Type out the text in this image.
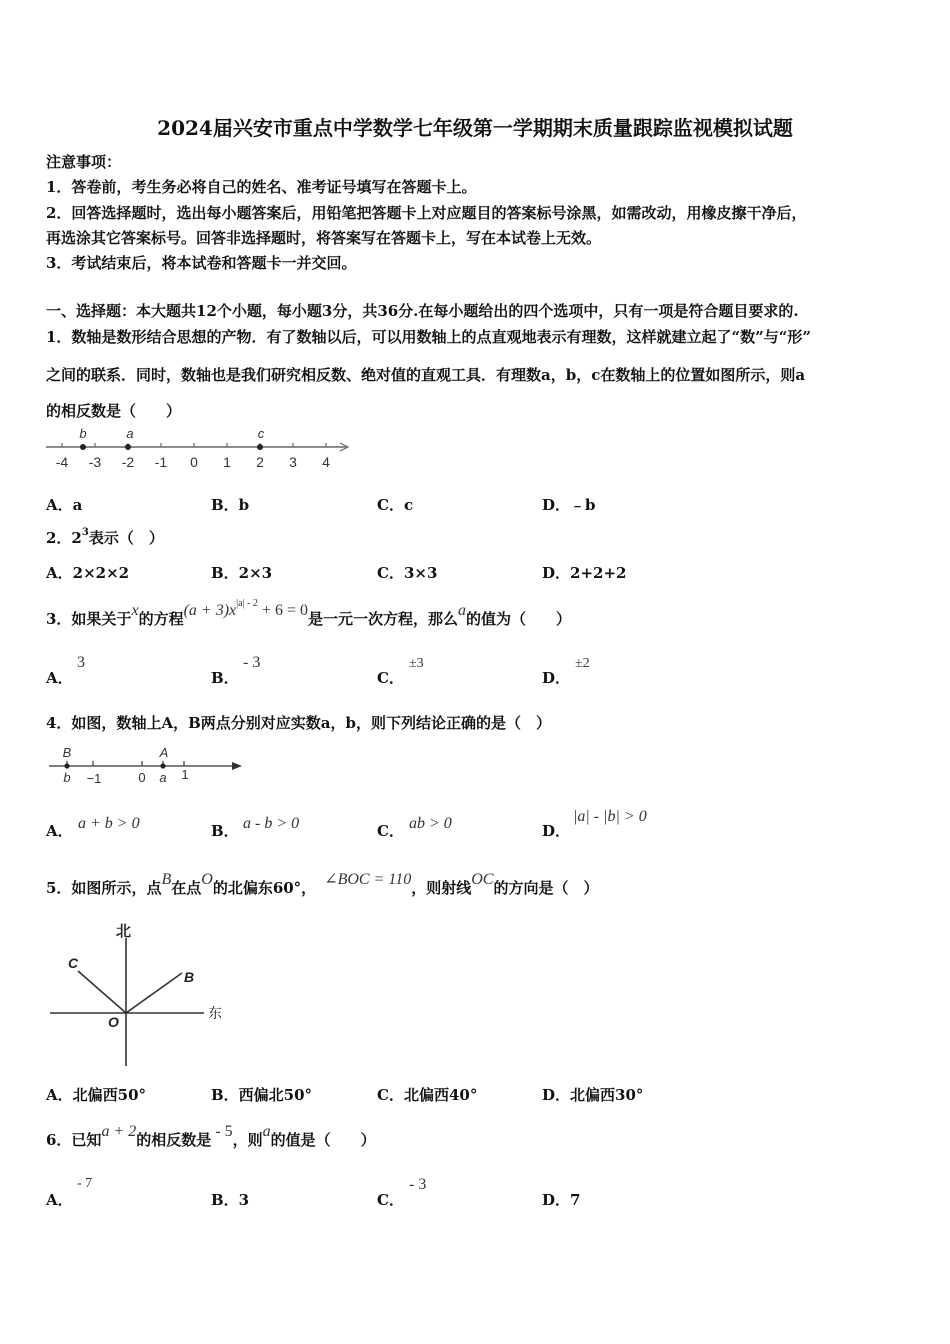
2024届兴安市重点中学数学七年级第一学期期末质量跟踪监视模拟试题
注意事项：
1．答卷前，考生务必将自己的姓名、准考证号填写在答题卡上。
2．回答选择题时，选出每小题答案后，用铅笔把答题卡上对应题目的答案标号涂黑，如需改动，用橡皮擦干净后，
再选涂其它答案标号。回答非选择题时，将答案写在答题卡上，写在本试卷上无效。
3．考试结束后，将本试卷和答题卡一并交回。
一、选择题：本大题共12个小题，每小题3分，共36分.在每小题给出的四个选项中，只有一项是符合题目要求的.
1．数轴是数形结合思想的产物．有了数轴以后，可以用数轴上的点直观地表示有理数，这样就建立起了“数”与“形”
之间的联系．同时，数轴也是我们研究相反数、绝对值的直观工具．有理数a，b，c在数轴上的位置如图所示，则a
的相反数是（　　）
-4 -3 -2 -1 0 1 2 3 4
b	a	c
A．a	B．b	C．c	D．﹣b
2．$2^3$表示（　）
A．2×2×2	B．2×3	C．3×3	D．2+2+2
3．如果关于x的方程$(a + 3)x^{|a| - 2} + 6 = 0$是一元一次方程，那么a的值为（　　）
A．
3
B．
- 3
C．
±3
D．
±2
4．如图，数轴上A，B两点分别对应实数a，b，则下列结论正确的是（　）
B	A
b −1	0 a 1
A． a + b > 0	B． a - b > 0	C． ab > 0	D．
|a| - |b| > 0
5．如图所示，点B在点O的北偏东60°， ∠BOC = 110，则射线OC的方向是（　）
北
东
C
B
O
A．北偏西50°	B．西偏北50°	C．北偏西40°	D．北偏西30°
6．已知a + 2的相反数是 - 5，则a的值是（　　）
A．
- 7
B．3	C．
- 3
D．7
